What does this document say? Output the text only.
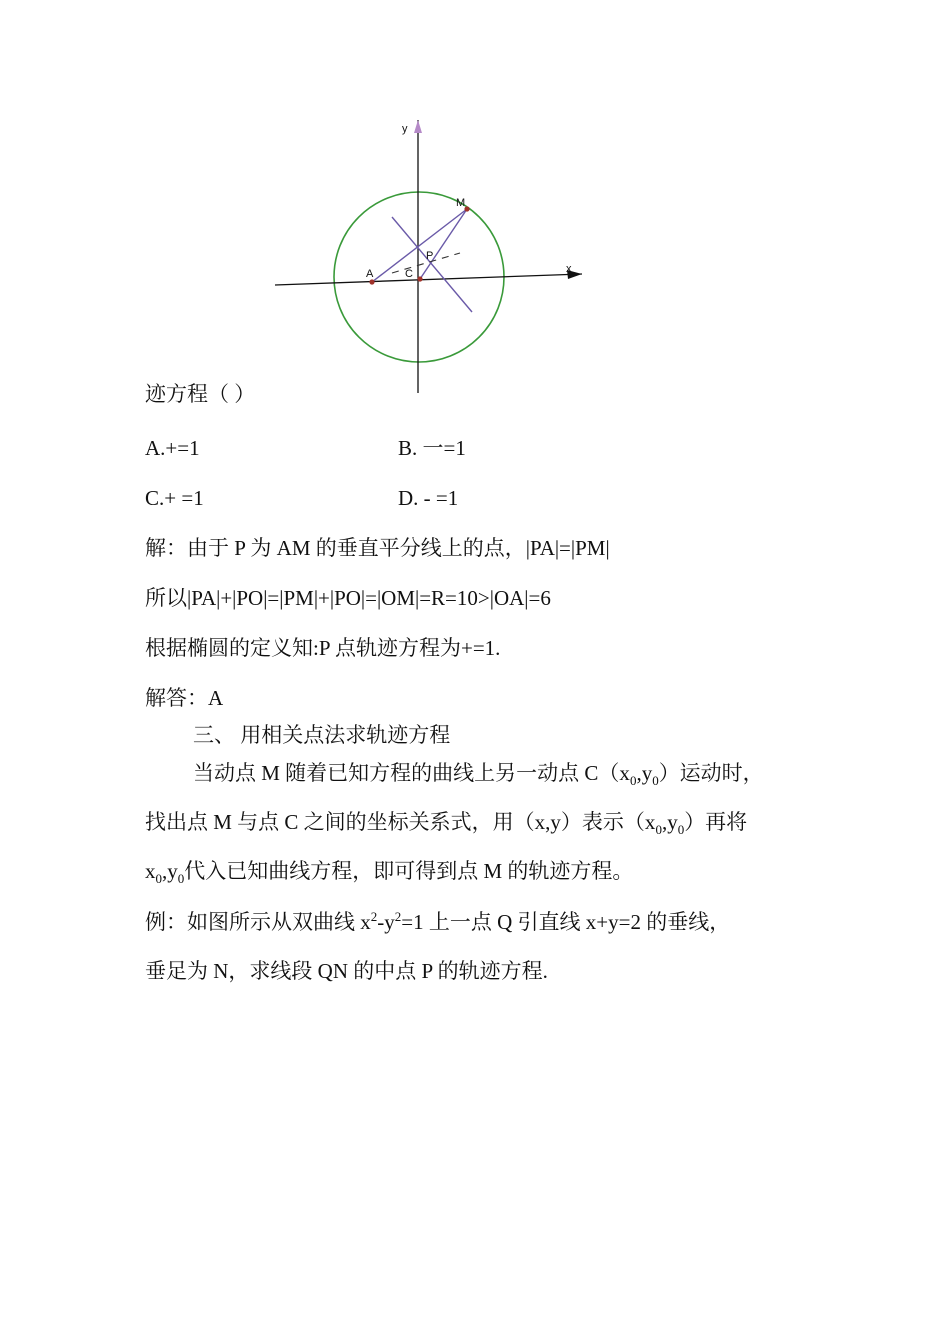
y
x
M
P
A	C
迹方程（ ）
A.+=1	B. 一=1
C.+ =1	D. - =1
解：由于 P 为 AM 的垂直平分线上的点，|PA|=|PM|
所以|PA|+|PO|=|PM|+|PO|=|OM|=R=10>|OA|=6
根据椭圆的定义知:P 点轨迹方程为+=1.
解答：A
三、 用相关点法求轨迹方程
当动点 M 随着已知方程的曲线上另一动点 $C(x_0,y_0)$运动时，
找出点 M 与点 C 之间的坐标关系式，用（x,y）表示$(x_0,y_0)$再将
$x_0,y_0$代入已知曲线方程，即可得到点 M 的轨迹方程。
例：如图所示从双曲线 $x^2-y^2=1$ 上一点 Q 引直线 x+y=2 的垂线，
垂足为 N，求线段 QN 的中点 P 的轨迹方程.
